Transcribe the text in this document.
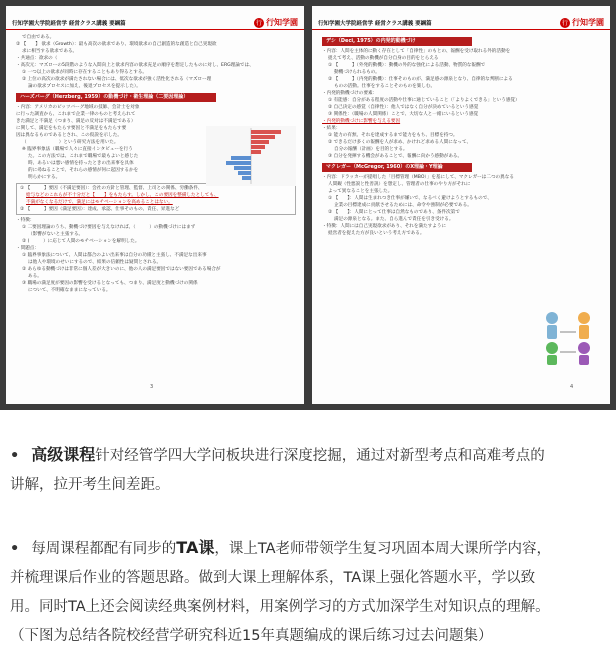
行知学園大学院経営学 経営クラス講義 要綱篇	行 行知学園
で自由である。
② 【　　】 欲求（Growth）：最も高次の欲求であり、環境欲求の自己創造的な創造と自己実現欲
求に相当する欲求である。
・共通点：欲求の（
・高次元：マズローの5段階のような入間向上と欲求内容の欲求充足の順序を想定したものに対し、ERG理論では、
① 一つ以上の欲求が同時に存在することもあり得るとする。
② 上位の高次の欲求が満たされない場合には、低次な欲求が強く活性化される（マズロー理
論の欲求プロセスに加え、後退プロセスを提示した）。
ハーズバーグ（Herzberg, 1959）の動機づけ・衛生理論（二要因理論）
・内容：アメリカのピッツバーグ地域の技師、会計士を対象
に行った調査から、これまで企業一律のものと考えられて
きた満足と不満足（つまり、満足の反対は不満足である）
に関して、満足をもたらす要因と不満足をもたらす要
因は異なるものであるとされ、この仮説を示した。
（　　　　　　　）という研究方法を用いた。
※ 臨界事象法（職場で人々に直接インタビューを行う
た。この方法では、これまで職場で最もよいと感じた
時、あるいは悪い感情を持ったときの出来事を具体
的に尋ねることで、それらの感情が何に起因するかを
明らかにする。
① 【　　　】要因（不満足要因）：会社の方針と管理、監督、上司との関係、労働条件、
給与などのこれらが不十分だと【　　】をもたらす。しかし、この要因を整備したとしても、
不満がなくなるだけで、満足にはモチベーションを高めることはない。
② 【　　　】要因（満足要因）：達成、承認、仕事そのもの、責任、昇進など
・特徴：
① 二要因理論のうち、動機づけ要因を与えなければ、（　　　）の動機づけにはまず
（影響がないと主張する。
② (　　　）に応じて人間のモチベーションを解明した。
・問題点：
① 臨界事象法について、人間は都合のよい出来事は自分の功績と主張し、不満足な出来事
は他人や環境のせいにするので、結果の信頼性は疑問とされる。
② あらゆる動機づけは非常に個人差が大きいのに、他の人の満足要因ではない要因である場合が
ある。
③ 職場の満足度が要因の影響を受けるとなっても、つまり、満足度と動機づけの関係
について、不明確なままになっている。
3
行知学園大学院経営学 経営クラス講義 要綱篇	行 行知学園
デシ（Deci, 1975）の内発的動機づけ
・内容：人間を主体的に動く存在として「自律性」のもとの、報酬を受け取れる外的活動を
捉えて考え、活動の動機が自分自身の目的をとらえる
① 【　　　】（外発的動機）：動機の外的な強化による活動、物質的な報酬で
動機づけられるもの。
② 【　　　】（内発的動機）：仕事そのものが、満足感の源泉となり、自律的な判断による
ものの活動。仕事をすることそのものを楽しむ。
・内発的動機づけの要素：
① 有能感：自分がある程度の活動や仕事に通じていること（「よりよくできる」という感覚）
② 自己決定の感覚（自律性）：他人ではなく自分が決めているという感覚
③ 関係性：（職場の人間関係）ことで、大切な人と一緒にいるという感覚
・内発的動機づけに影響を与える要因
・結果：
① 能力の有無、それを達成するまで能力をもち、目標を持つ。
② できるだけ多くの報酬を人が求め、かけれど求める人間になって、
自分の報酬（計画）を目的とする。
③ 自分を発揮する機会があることで、報酬に向かう感動がある。
マクレガー（McGregor, 1960）のX理論・Y理論
・内容：ドラッカーが提唱した「目標管理（MBO）」を基にして、マクレガーは二つの異なる
人間観（性悪説と性善説）を想定し、管理者の仕事のやり方がそれに
よって異なることを主張した。
① 【　　】：人間は生まれつき仕事が嫌いで、なるべく避けようとするもので、
企業の目標達成に貢献させるためには、命令や強制が必要である。
② 【　　】：人間にとって仕事は自然なものであり、条件次第で
満足の源泉となる。また、自ら進んで責任を引き受ける。
・特徴：人間には自己実現欲求があり、それを満たすように
経営者を捉えた方が良いという考え方である。
4
• 高级课程针对经管学四大学问板块进行深度挖掘，通过对新型考点和高难考点的
讲解，拉开考生间差距。
• 每周课程都配有同步的TA课，课上TA老师带领学生复习巩固本周大课所学内容，
并梳理课后作业的答题思路。做到大课上理解体系，TA课上强化答题水平，学以致
用。同时TA上还会阅读经典案例材料，用案例学习的方式加深学生对知识点的理解。
（下图为总结各院校经营学研究科近15年真题编成的课后练习过去问题集）
